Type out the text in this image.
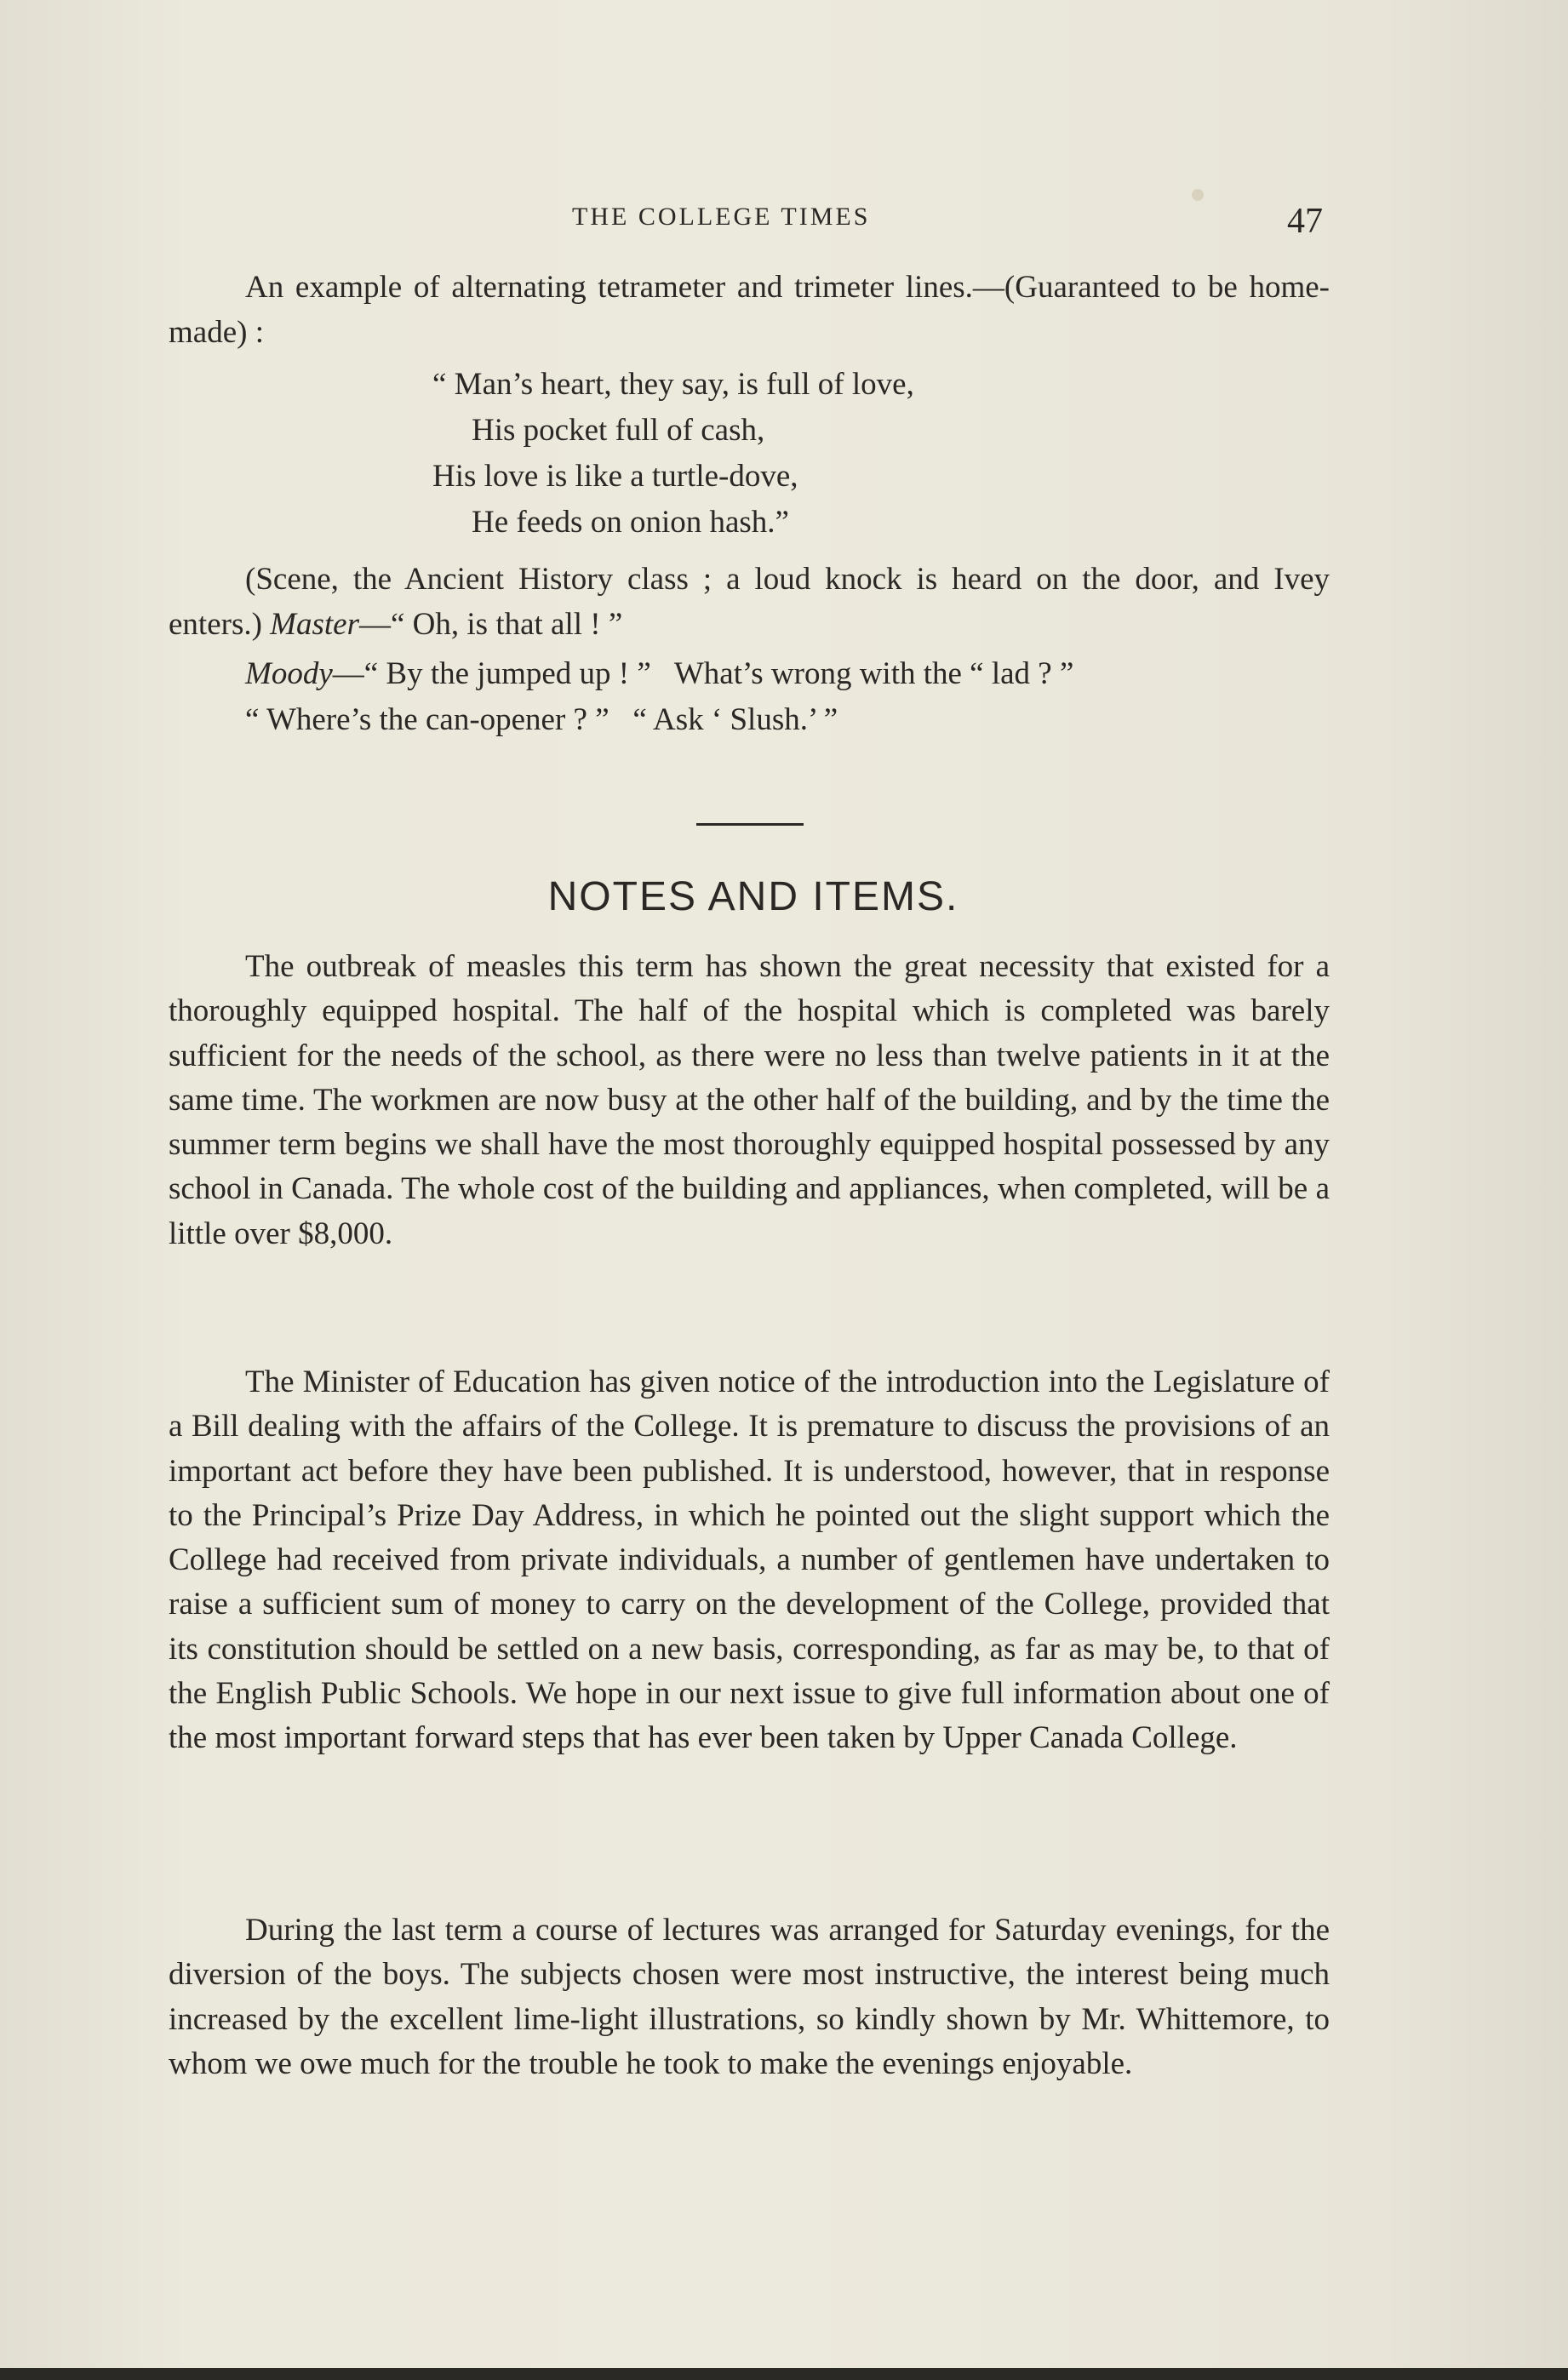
THE COLLEGE TIMES	47

An example of alternating tetrameter and trimeter lines.—(Guaranteed to be home-made) :

“ Man’s heart, they say, is full of love,
His pocket full of cash,
His love is like a turtle-dove,
He feeds on onion hash.”

(Scene, the Ancient History class ; a loud knock is heard on the door, and Ivey enters.) Master—“ Oh, is that all ! ”

Moody—“ By the jumped up ! ”   What’s wrong with the “ lad ? ”
“ Where’s the can-opener ? ”   “ Ask ‘ Slush.’ ”
NOTES AND ITEMS.

The outbreak of measles this term has shown the great necessity that existed for a thoroughly equipped hospital. The half of the hospital which is completed was barely sufficient for the needs of the school, as there were no less than twelve patients in it at the same time. The workmen are now busy at the other half of the building, and by the time the summer term begins we shall have the most thoroughly equipped hospital possessed by any school in Canada. The whole cost of the building and appliances, when completed, will be a little over $8,000.

The Minister of Education has given notice of the introduction into the Legislature of a Bill dealing with the affairs of the College. It is premature to discuss the provisions of an important act before they have been published. It is understood, however, that in response to the Principal’s Prize Day Address, in which he pointed out the slight support which the College had received from private individuals, a number of gentlemen have undertaken to raise a sufficient sum of money to carry on the development of the College, provided that its constitution should be settled on a new basis, corresponding, as far as may be, to that of the English Public Schools. We hope in our next issue to give full information about one of the most important forward steps that has ever been taken by Upper Canada College.

During the last term a course of lectures was arranged for Saturday evenings, for the diversion of the boys. The subjects chosen were most instructive, the interest being much increased by the excellent lime-light illustrations, so kindly shown by Mr. Whittemore, to whom we owe much for the trouble he took to make the evenings enjoyable.
